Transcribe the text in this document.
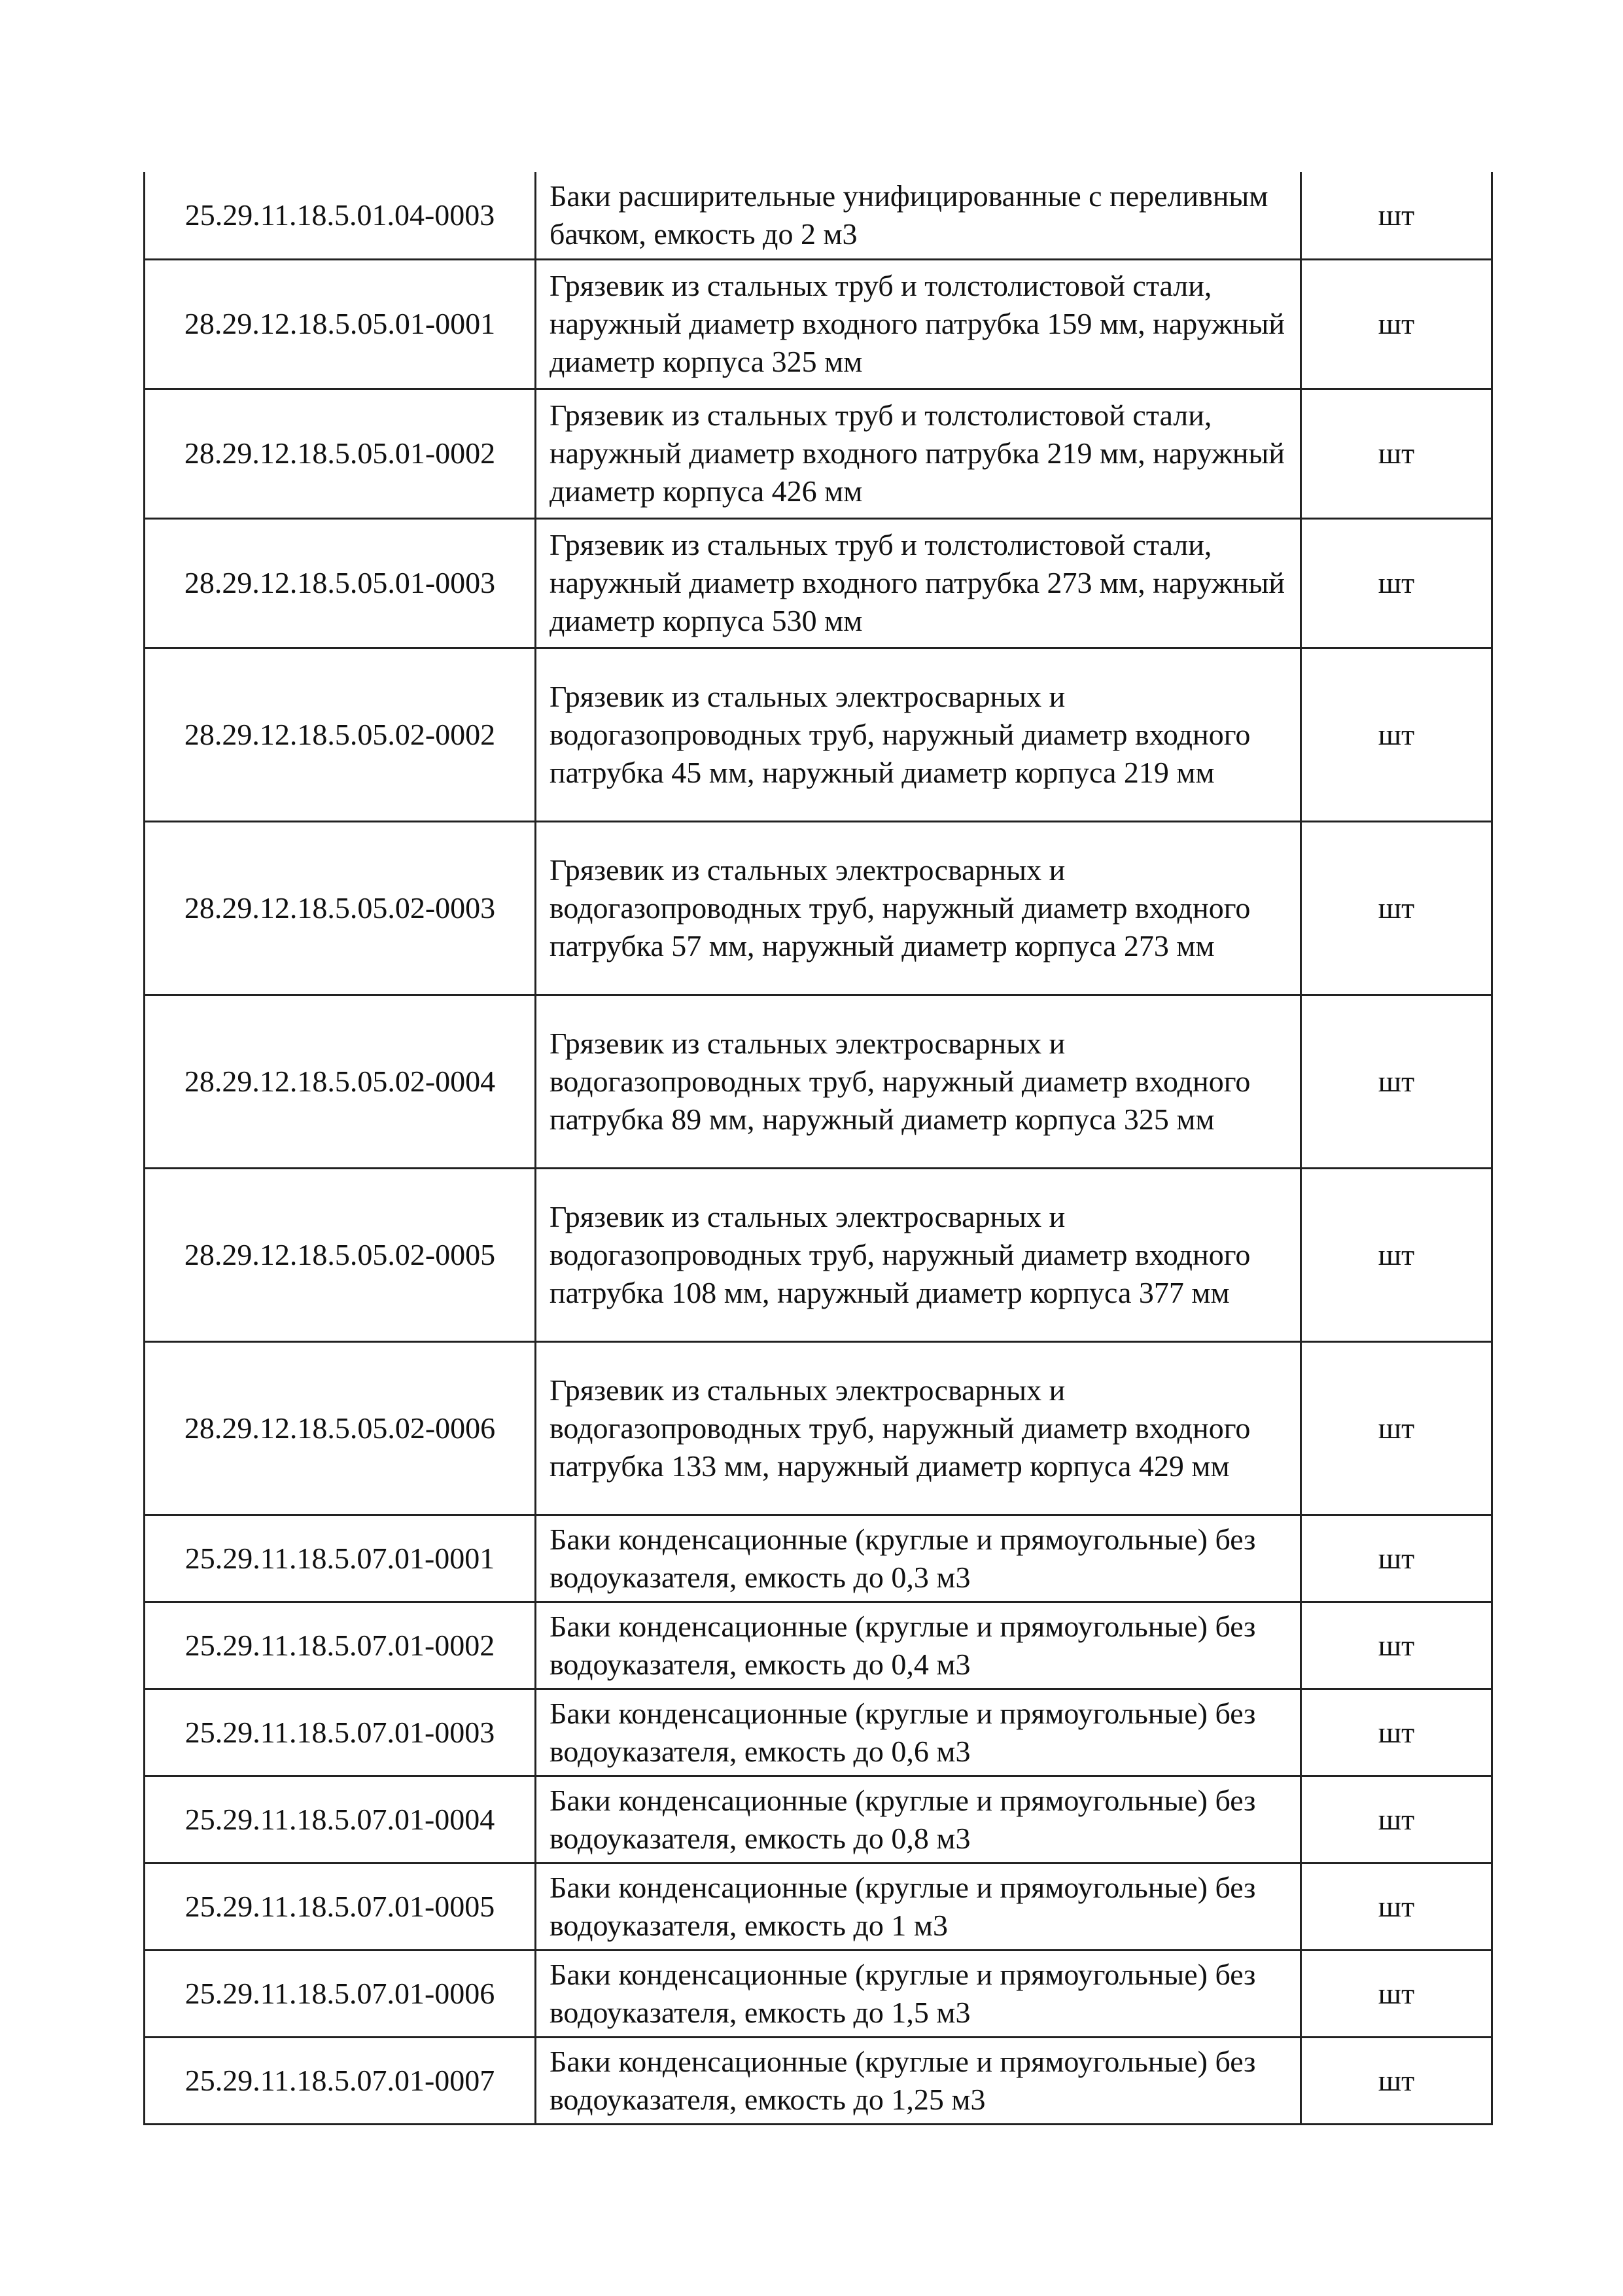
25.29.11.18.5.01.04-0003	Баки расширительные унифицированные с переливным бачком, емкость до 2 м3	шт
28.29.12.18.5.05.01-0001	Грязевик из стальных труб и толстолистовой стали, наружный диаметр входного патрубка 159 мм, наружный диаметр корпуса 325 мм	шт
28.29.12.18.5.05.01-0002	Грязевик из стальных труб и толстолистовой стали, наружный диаметр входного патрубка 219 мм, наружный диаметр корпуса 426 мм	шт
28.29.12.18.5.05.01-0003	Грязевик из стальных труб и толстолистовой стали, наружный диаметр входного патрубка 273 мм, наружный диаметр корпуса 530 мм	шт
28.29.12.18.5.05.02-0002	Грязевик из стальных электросварных и водогазопроводных труб, наружный диаметр входного патрубка 45 мм, наружный диаметр корпуса 219 мм	шт
28.29.12.18.5.05.02-0003	Грязевик из стальных электросварных и водогазопроводных труб, наружный диаметр входного патрубка 57 мм, наружный диаметр корпуса 273 мм	шт
28.29.12.18.5.05.02-0004	Грязевик из стальных электросварных и водогазопроводных труб, наружный диаметр входного патрубка 89 мм, наружный диаметр корпуса 325 мм	шт
28.29.12.18.5.05.02-0005	Грязевик из стальных электросварных и водогазопроводных труб, наружный диаметр входного патрубка 108 мм, наружный диаметр корпуса 377 мм	шт
28.29.12.18.5.05.02-0006	Грязевик из стальных электросварных и водогазопроводных труб, наружный диаметр входного патрубка 133 мм, наружный диаметр корпуса 429 мм	шт
25.29.11.18.5.07.01-0001	Баки конденсационные (круглые и прямоугольные) без водоуказателя, емкость до 0,3 м3	шт
25.29.11.18.5.07.01-0002	Баки конденсационные (круглые и прямоугольные) без водоуказателя, емкость до 0,4 м3	шт
25.29.11.18.5.07.01-0003	Баки конденсационные (круглые и прямоугольные) без водоуказателя, емкость до 0,6 м3	шт
25.29.11.18.5.07.01-0004	Баки конденсационные (круглые и прямоугольные) без водоуказателя, емкость до 0,8 м3	шт
25.29.11.18.5.07.01-0005	Баки конденсационные (круглые и прямоугольные) без водоуказателя, емкость до 1 м3	шт
25.29.11.18.5.07.01-0006	Баки конденсационные (круглые и прямоугольные) без водоуказателя, емкость до 1,5 м3	шт
25.29.11.18.5.07.01-0007	Баки конденсационные (круглые и прямоугольные) без водоуказателя, емкость до 1,25 м3	шт
